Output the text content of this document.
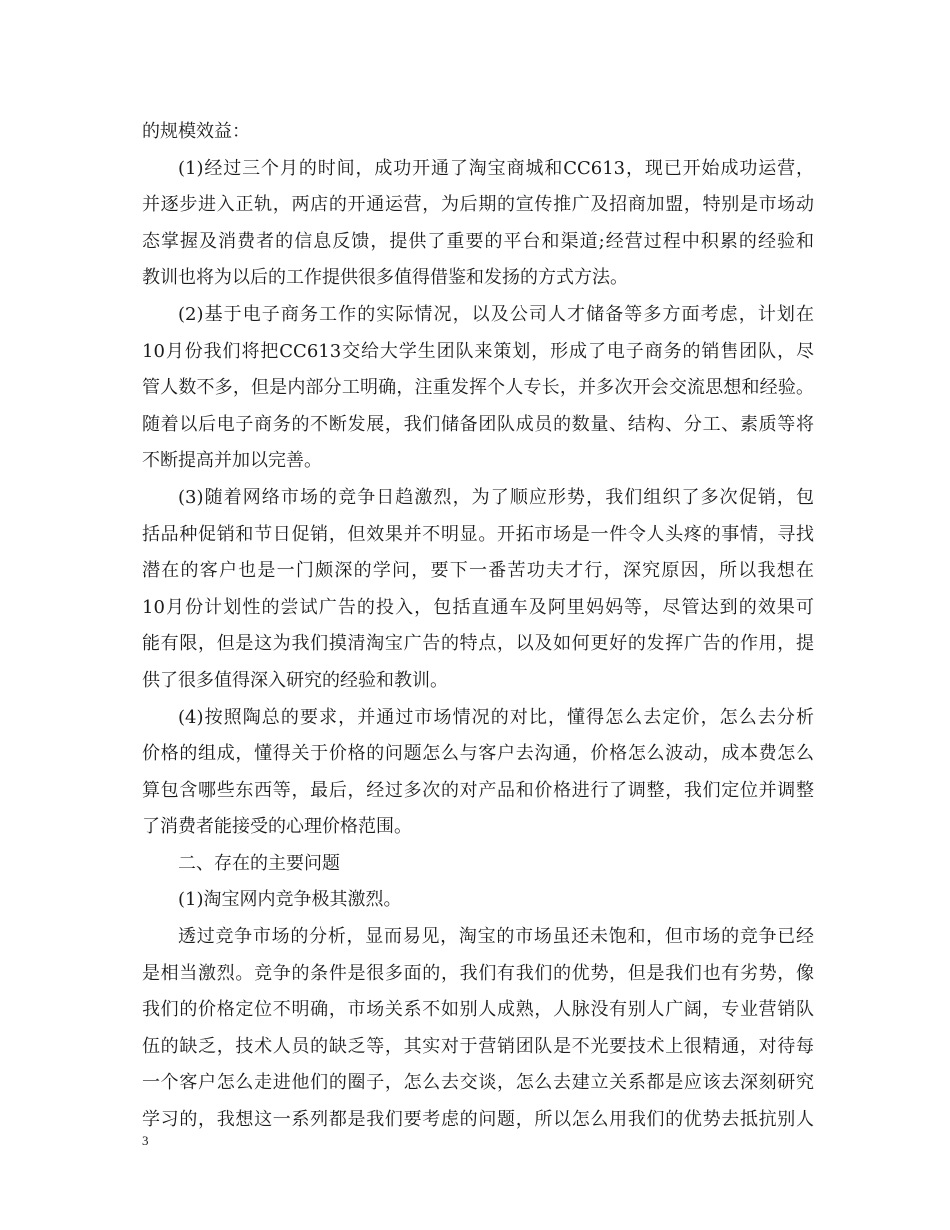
的规模效益：
(1)经过三个月的时间，成功开通了淘宝商城和CC613，现已开始成功运营，
并逐步进入正轨，两店的开通运营，为后期的宣传推广及招商加盟，特别是市场动
态掌握及消费者的信息反馈，提供了重要的平台和渠道;经营过程中积累的经验和
教训也将为以后的工作提供很多值得借鉴和发扬的方式方法。
(2)基于电子商务工作的实际情况，以及公司人才储备等多方面考虑，计划在
10月份我们将把CC613交给大学生团队来策划，形成了电子商务的销售团队，尽
管人数不多，但是内部分工明确，注重发挥个人专长，并多次开会交流思想和经验。
随着以后电子商务的不断发展，我们储备团队成员的数量、结构、分工、素质等将
不断提高并加以完善。
(3)随着网络市场的竞争日趋激烈，为了顺应形势，我们组织了多次促销，包
括品种促销和节日促销，但效果并不明显。开拓市场是一件令人头疼的事情，寻找
潜在的客户也是一门颇深的学问，要下一番苦功夫才行，深究原因，所以我想在
10月份计划性的尝试广告的投入，包括直通车及阿里妈妈等，尽管达到的效果可
能有限，但是这为我们摸清淘宝广告的特点，以及如何更好的发挥广告的作用，提
供了很多值得深入研究的经验和教训。
(4)按照陶总的要求，并通过市场情况的对比，懂得怎么去定价，怎么去分析
价格的组成，懂得关于价格的问题怎么与客户去沟通，价格怎么波动，成本费怎么
算包含哪些东西等，最后，经过多次的对产品和价格进行了调整，我们定位并调整
了消费者能接受的心理价格范围。
二、存在的主要问题
(1)淘宝网内竞争极其激烈。
透过竞争市场的分析，显而易见，淘宝的市场虽还未饱和，但市场的竞争已经
是相当激烈。竞争的条件是很多面的，我们有我们的优势，但是我们也有劣势，像
我们的价格定位不明确，市场关系不如别人成熟，人脉没有别人广阔，专业营销队
伍的缺乏，技术人员的缺乏等，其实对于营销团队是不光要技术上很精通，对待每
一个客户怎么走进他们的圈子，怎么去交谈，怎么去建立关系都是应该去深刻研究
学习的，我想这一系列都是我们要考虑的问题，所以怎么用我们的优势去抵抗别人
3
